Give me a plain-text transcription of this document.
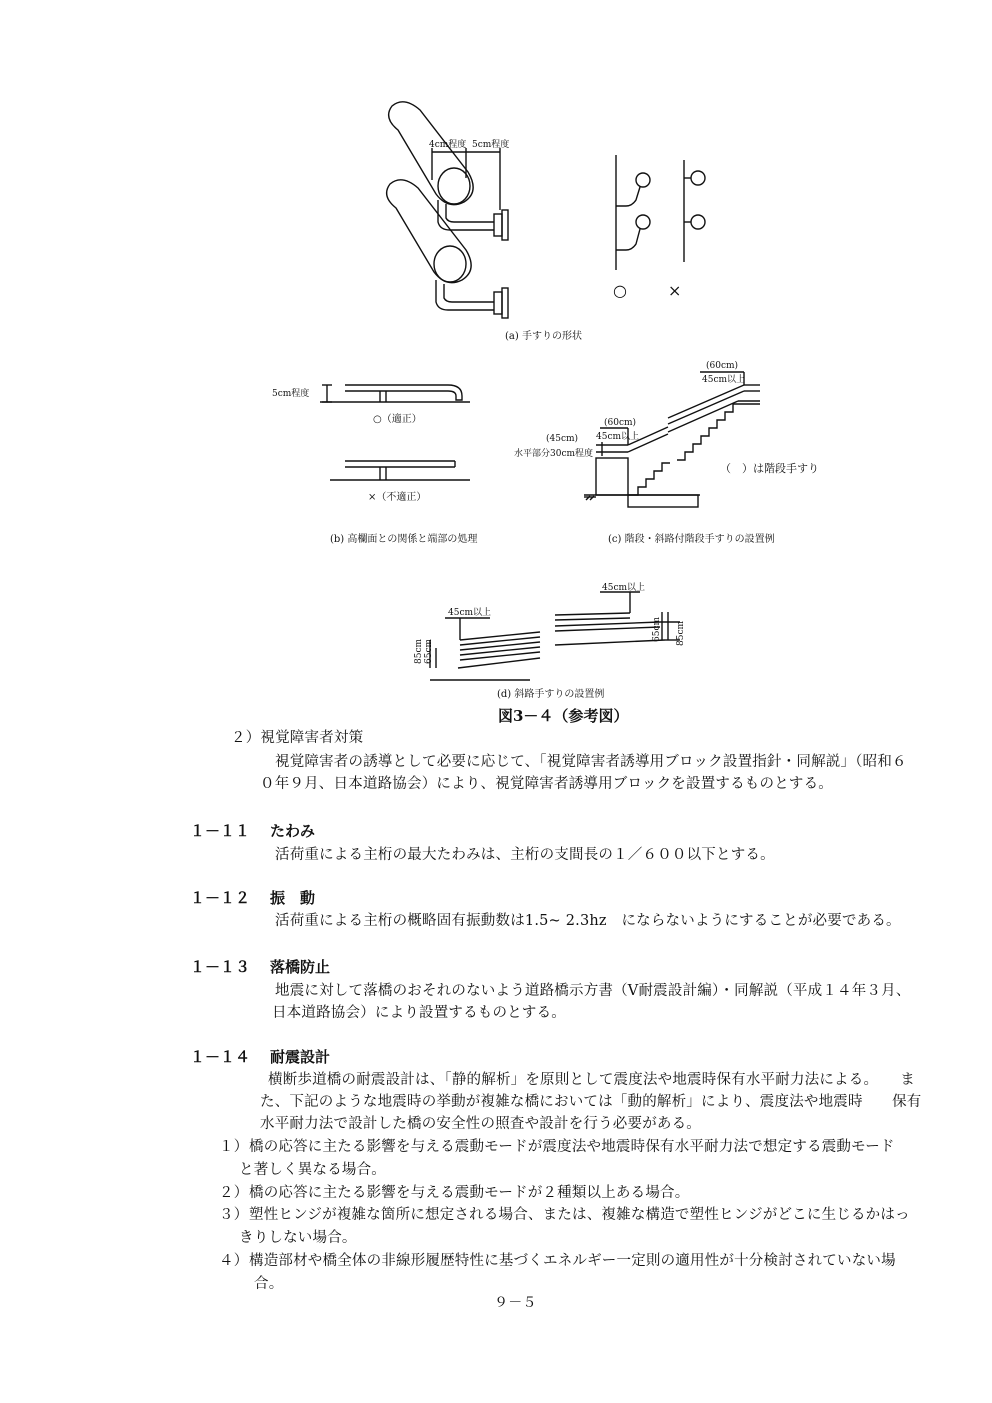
4cm程度 5cm程度
○	×
(a) 手すりの形状
5cm程度
○（適正）
×（不適正）
(b) 高欄面との関係と端部の処理
(60cm)
45cm以上
(60cm)
45cm以上
(45cm)
水平部分30cm程度
（　）は階段手すり
(c) 階段・斜路付階段手すりの設置例
45cm以上
45cm以上
85cm 65cm
65cm 85cm
(d) 斜路手すりの設置例
図3－４（参考図）
２）視覚障害者対策
視覚障害者の誘導として必要に応じて、「視覚障害者誘導用ブロック設置指針・同解説」（昭和６
０年９月、日本道路協会）により、視覚障害者誘導用ブロックを設置するものとする。
１－１１ たわみ
活荷重による主桁の最大たわみは、主桁の支間長の１／６００以下とする。
１－１２ 振　動
活荷重による主桁の概略固有振動数は1.5~ 2.3hz　にならないようにすることが必要である。
１－１３ 落橋防止
地震に対して落橋のおそれのないよう道路橋示方書（Ⅴ耐震設計編）・同解説（平成１４年３月、
日本道路協会）により設置するものとする。
１－１４ 耐震設計
横断歩道橋の耐震設計は、「静的解析」を原則として震度法や地震時保有水平耐力法による。　　ま
た、下記のような地震時の挙動が複雑な橋においては「動的解析」により、震度法や地震時　　保有
水平耐力法で設計した橋の安全性の照査や設計を行う必要がある。
１） 橋の応答に主たる影響を与える震動モードが震度法や地震時保有水平耐力法で想定する震動モード
と著しく異なる場合。
２） 橋の応答に主たる影響を与える震動モードが２種類以上ある場合。
３） 塑性ヒンジが複雑な箇所に想定される場合、または、複雑な構造で塑性ヒンジがどこに生じるかはっ
きりしない場合。
４） 構造部材や橋全体の非線形履歴特性に基づくエネルギー一定則の適用性が十分検討されていない場
合。
９－５
